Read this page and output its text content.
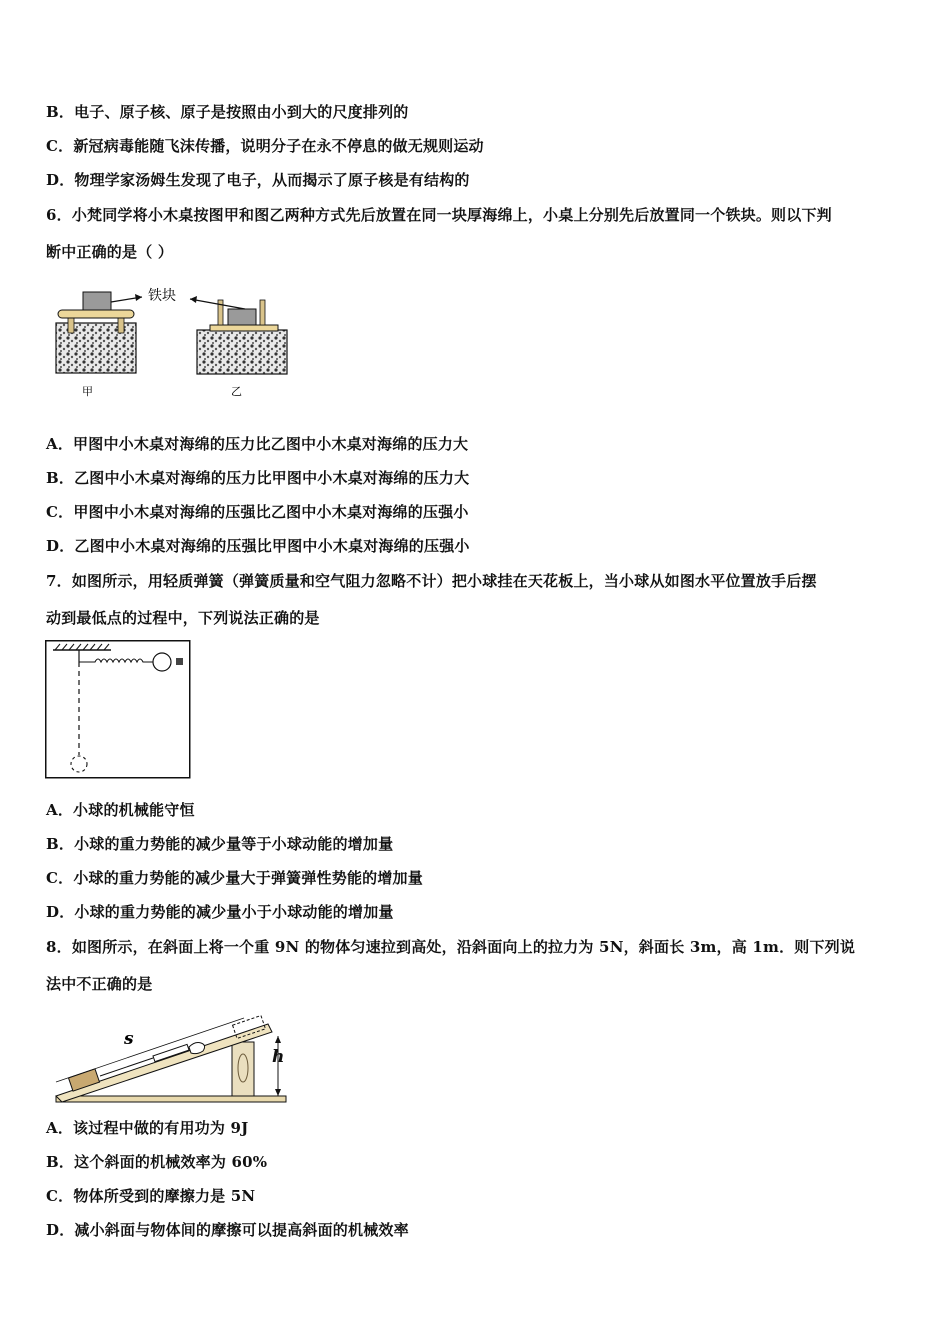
B．电子、原子核、原子是按照由小到大的尺度排列的
C．新冠病毒能随飞沫传播，说明分子在永不停息的做无规则运动
D．物理学家汤姆生发现了电子，从而揭示了原子核是有结构的
6．小梵同学将小木桌按图甲和图乙两种方式先后放置在同一块厚海绵上，小桌上分别先后放置同一个铁块。则以下判
断中正确的是（ ）
铁块
甲	乙
A．甲图中小木桌对海绵的压力比乙图中小木桌对海绵的压力大
B．乙图中小木桌对海绵的压力比甲图中小木桌对海绵的压力大
C．甲图中小木桌对海绵的压强比乙图中小木桌对海绵的压强小
D．乙图中小木桌对海绵的压强比甲图中小木桌对海绵的压强小
7．如图所示，用轻质弹簧（弹簧质量和空气阻力忽略不计）把小球挂在天花板上，当小球从如图水平位置放手后摆
动到最低点的过程中，下列说法正确的是
A．小球的机械能守恒
B．小球的重力势能的减少量等于小球动能的增加量
C．小球的重力势能的减少量大于弹簧弹性势能的增加量
D．小球的重力势能的减少量小于小球动能的增加量
8．如图所示，在斜面上将一个重 9N 的物体匀速拉到高处，沿斜面向上的拉力为 5N，斜面长 3m，高 1m．则下列说
法中不正确的是
s
h
A．该过程中做的有用功为 9J
B．这个斜面的机械效率为 60%
C．物体所受到的摩擦力是 5N
D．减小斜面与物体间的摩擦可以提高斜面的机械效率
